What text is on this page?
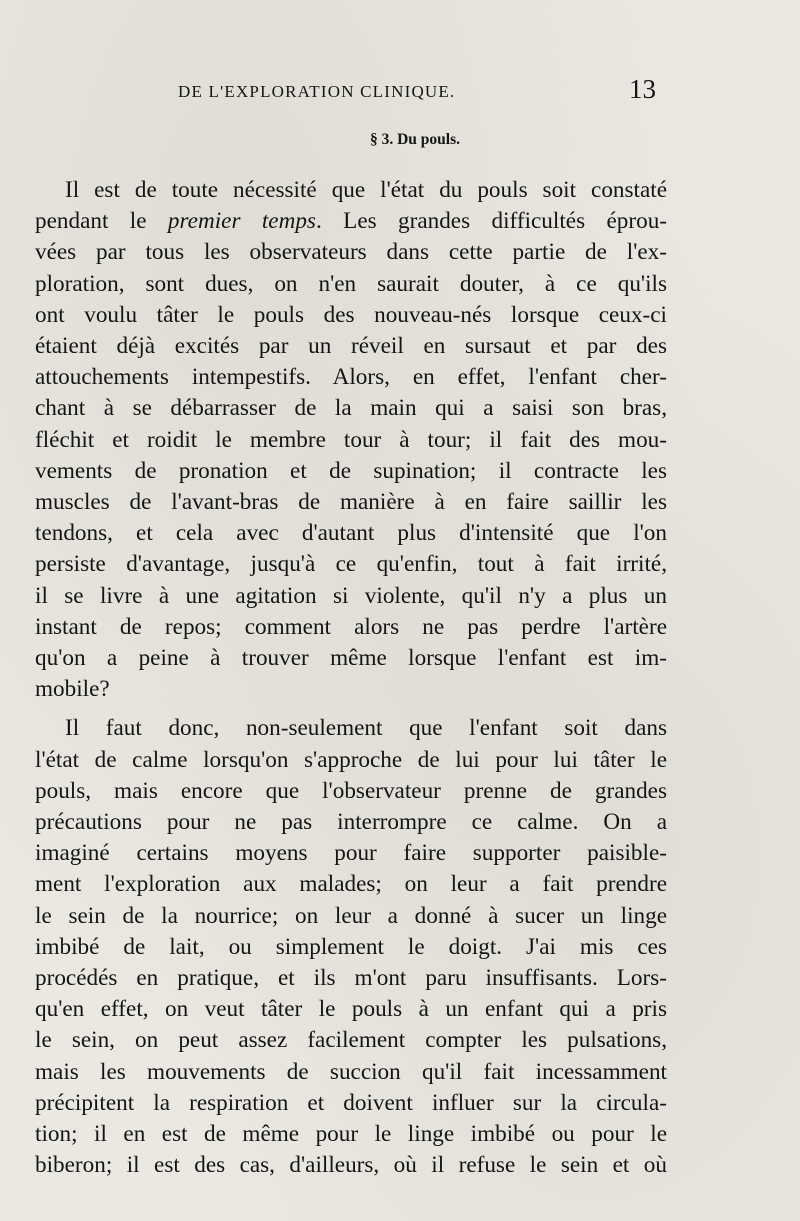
DE L'EXPLORATION CLINIQUE.	13
§ 3. Du pouls.
Il est de toute nécessité que l'état du pouls soit constaté
pendant le premier temps. Les grandes difficultés éprou-
vées par tous les observateurs dans cette partie de l'ex-
ploration, sont dues, on n'en saurait douter, à ce qu'ils
ont voulu tâter le pouls des nouveau-nés lorsque ceux-ci
étaient déjà excités par un réveil en sursaut et par des
attouchements intempestifs. Alors, en effet, l'enfant cher-
chant à se débarrasser de la main qui a saisi son bras,
fléchit et roidit le membre tour à tour; il fait des mou-
vements de pronation et de supination; il contracte les
muscles de l'avant-bras de manière à en faire saillir les
tendons, et cela avec d'autant plus d'intensité que l'on
persiste d'avantage, jusqu'à ce qu'enfin, tout à fait irrité,
il se livre à une agitation si violente, qu'il n'y a plus un
instant de repos; comment alors ne pas perdre l'artère
qu'on a peine à trouver même lorsque l'enfant est im-
mobile?
Il faut donc, non-seulement que l'enfant soit dans
l'état de calme lorsqu'on s'approche de lui pour lui tâter le
pouls, mais encore que l'observateur prenne de grandes
précautions pour ne pas interrompre ce calme. On a
imaginé certains moyens pour faire supporter paisible-
ment l'exploration aux malades; on leur a fait prendre
le sein de la nourrice; on leur a donné à sucer un linge
imbibé de lait, ou simplement le doigt. J'ai mis ces
procédés en pratique, et ils m'ont paru insuffisants. Lors-
qu'en effet, on veut tâter le pouls à un enfant qui a pris
le sein, on peut assez facilement compter les pulsations,
mais les mouvements de succion qu'il fait incessamment
précipitent la respiration et doivent influer sur la circula-
tion; il en est de même pour le linge imbibé ou pour le
biberon; il est des cas, d'ailleurs, où il refuse le sein et où
